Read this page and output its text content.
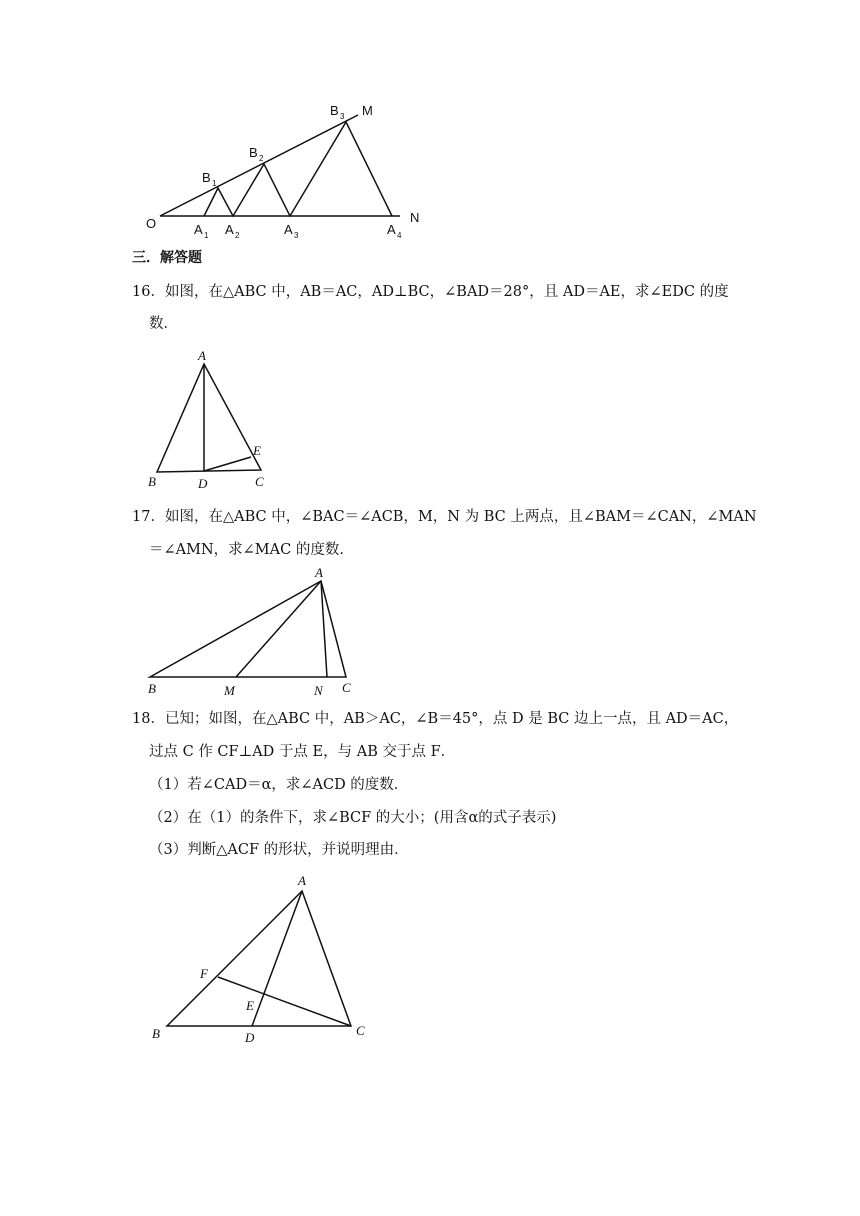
O
B 1
B 2
B 3 M
N
A 1 A 2	A 3	A 4
三．解答题
16．如图，在△ABC 中，AB＝AC，AD⊥BC，∠BAD＝28°，且 AD＝AE，求∠EDC 的度
数．
A
B	D	C
E
17．如图，在△ABC 中，∠BAC＝∠ACB，M，N 为 BC 上两点，且∠BAM＝∠CAN，∠MAN
＝∠AMN，求∠MAC 的度数．
A
B	M	N C
18．已知；如图，在△ABC 中，AB＞AC，∠B＝45°，点 D 是 BC 边上一点，且 AD＝AC，
过点 C 作 CF⊥AD 于点 E，与 AB 交于点 F．
（1）若∠CAD＝α，求∠ACD 的度数．
（2）在（1）的条件下，求∠BCF 的大小；(用含α的式子表示)
（3）判断△ACF 的形状，并说明理由．
A
F
E
B	D	C
